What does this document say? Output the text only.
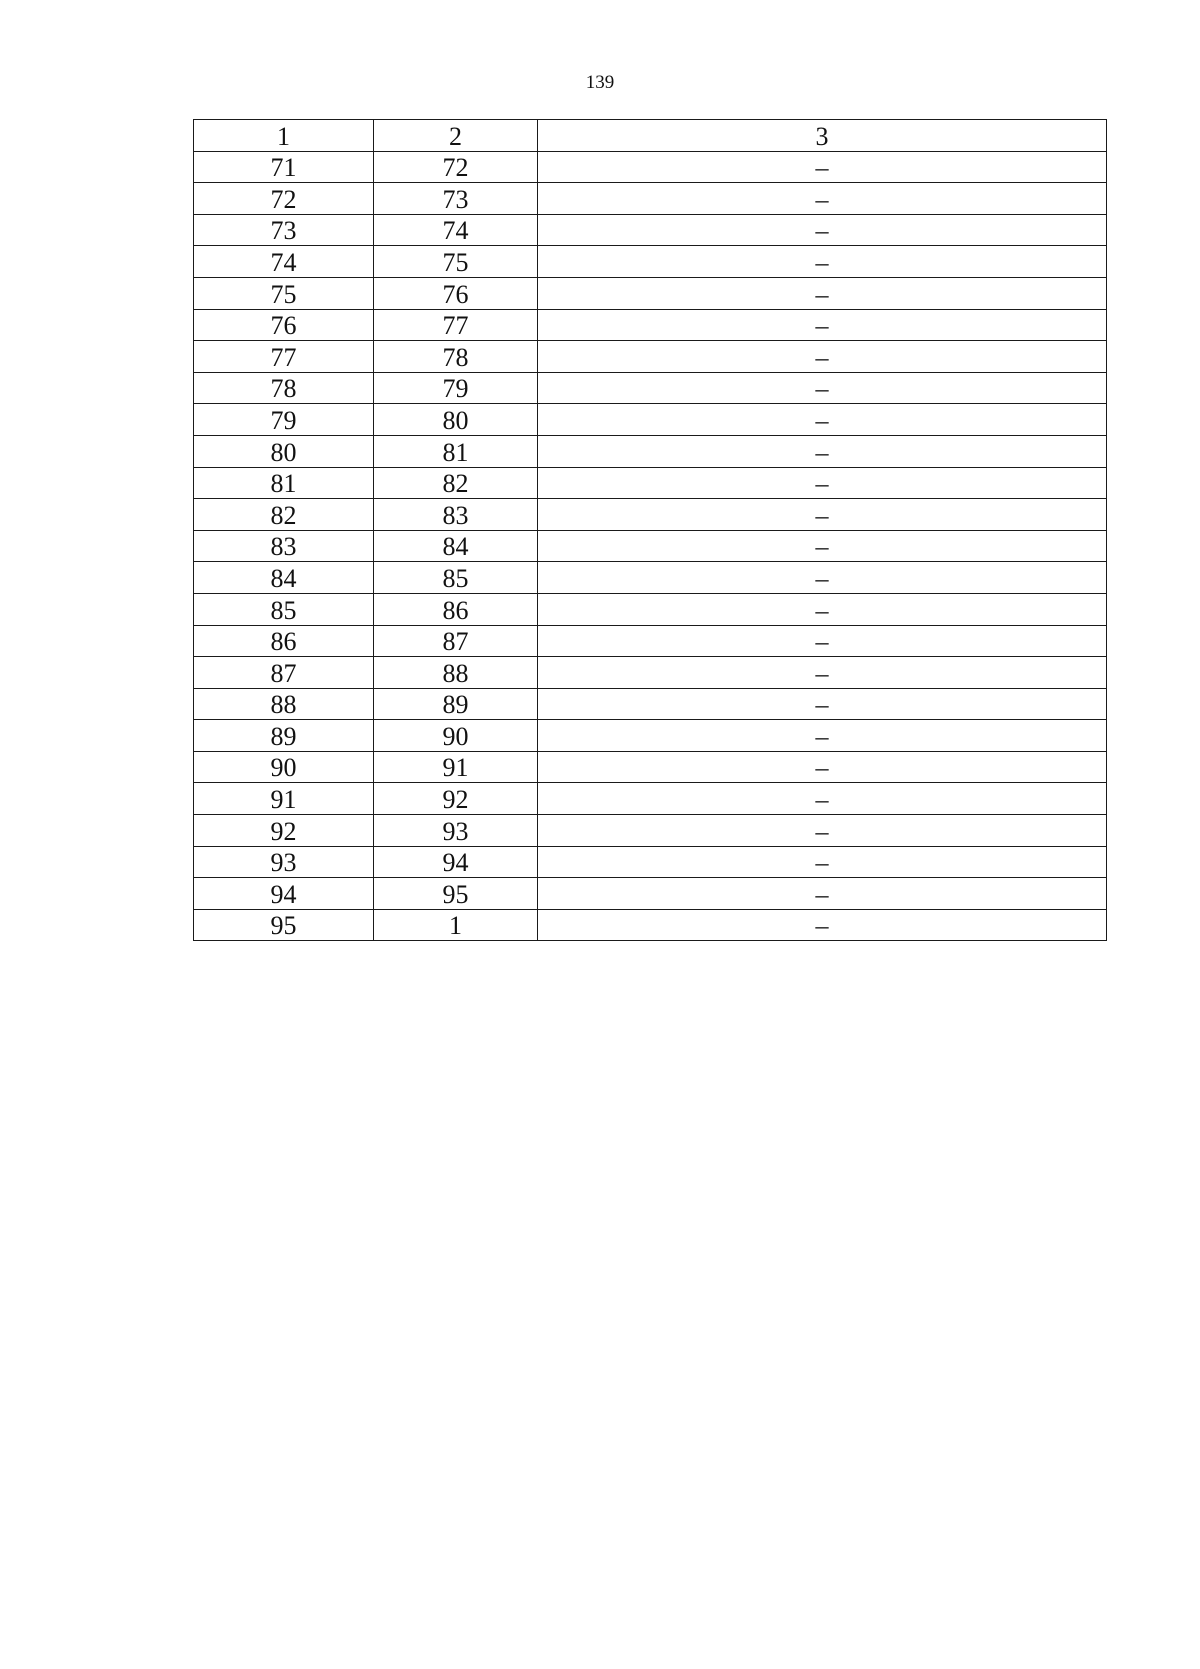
139
1	2	3
71	72	–
72	73	–
73	74	–
74	75	–
75	76	–
76	77	–
77	78	–
78	79	–
79	80	–
80	81	–
81	82	–
82	83	–
83	84	–
84	85	–
85	86	–
86	87	–
87	88	–
88	89	–
89	90	–
90	91	–
91	92	–
92	93	–
93	94	–
94	95	–
95	1	–
